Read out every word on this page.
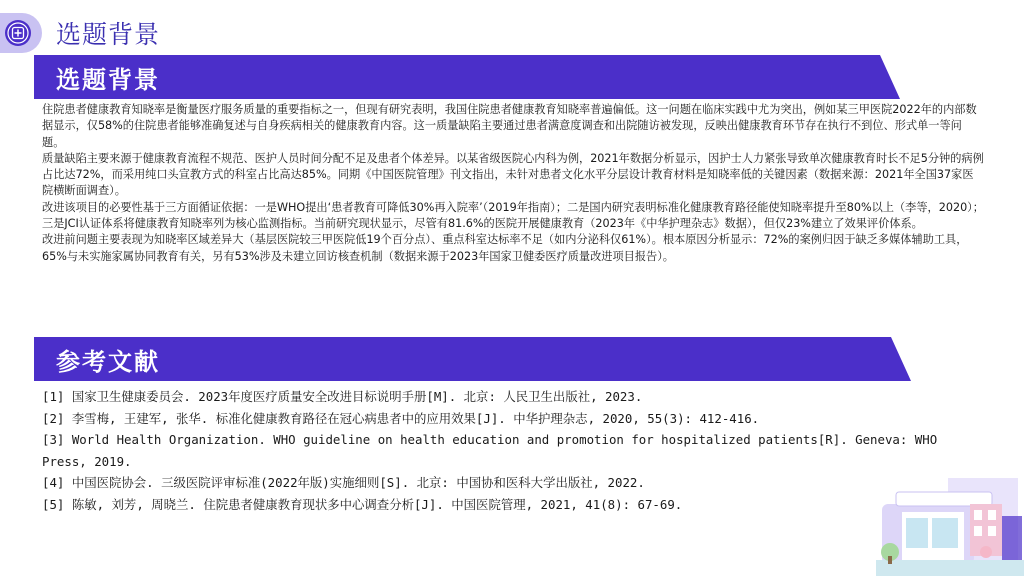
选题背景
选题背景

住院患者健康教育知晓率是衡量医疗服务质量的重要指标之一，但现有研究表明，我国住院患者健康教育知晓率普遍偏低。这一问题在临床实践中尤为突出，例如某三甲医院2022年的内部数据显示，仅58%的住院患者能够准确复述与自身疾病相关的健康教育内容。这一质量缺陷主要通过患者满意度调查和出院随访被发现，反映出健康教育环节存在执行不到位、形式单一等问题。

质量缺陷主要来源于健康教育流程不规范、医护人员时间分配不足及患者个体差异。以某省级医院心内科为例，2021年数据分析显示，因护士人力紧张导致单次健康教育时长不足5分钟的病例占比达72%，而采用纯口头宣教方式的科室占比高达85%。同期《中国医院管理》刊文指出，未针对患者文化水平分层设计教育材料是知晓率低的关键因素（数据来源：2021年全国37家医院横断面调查）。

改进该项目的必要性基于三方面循证依据：一是WHO提出‘患者教育可降低30%再入院率’（2019年指南）；二是国内研究表明标准化健康教育路径能使知晓率提升至80%以上（李等，2020）；三是JCI认证体系将健康教育知晓率列为核心监测指标。当前研究现状显示，尽管有81.6%的医院开展健康教育（2023年《中华护理杂志》数据），但仅23%建立了效果评价体系。

改进前问题主要表现为知晓率区域差异大（基层医院较三甲医院低19个百分点）、重点科室达标率不足（如内分泌科仅61%）。根本原因分析显示：72%的案例归因于缺乏多媒体辅助工具，65%与未实施家属协同教育有关，另有53%涉及未建立回访核查机制（数据来源于2023年国家卫健委医疗质量改进项目报告）。

参考文献

[1] 国家卫生健康委员会. 2023年度医疗质量安全改进目标说明手册[M]. 北京: 人民卫生出版社, 2023.

[2] 李雪梅, 王建军, 张华. 标准化健康教育路径在冠心病患者中的应用效果[J]. 中华护理杂志, 2020, 55(3): 412-416.

[3] World Health Organization. WHO guideline on health education and promotion for hospitalized patients[R]. Geneva: WHO Press, 2019.

[4] 中国医院协会. 三级医院评审标准(2022年版)实施细则[S]. 北京: 中国协和医科大学出版社, 2022.

[5] 陈敏, 刘芳, 周晓兰. 住院患者健康教育现状多中心调查分析[J]. 中国医院管理, 2021, 41(8): 67-69.
